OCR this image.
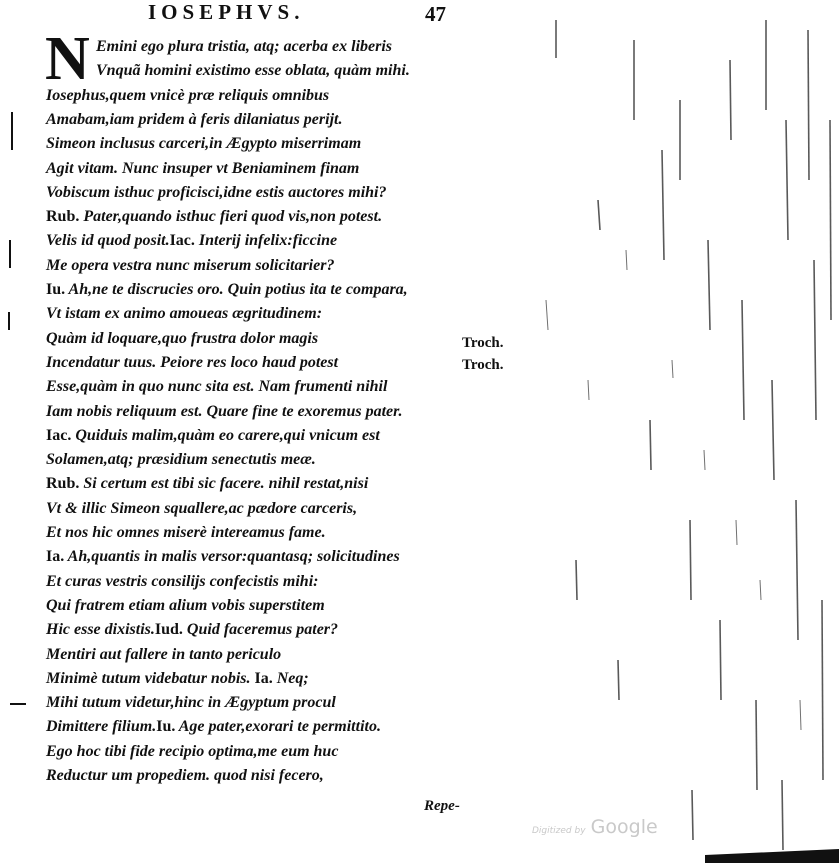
IOSEPHVS.	47
N Emini ego plura tristia, atq; acerba ex liberis
Vnquã homini existimo esse oblata, quàm mihi.
Iosephus,quem vnicè præ reliquis omnibus
Amabam,iam pridem à feris dilaniatus perijt.
Simeon inclusus carceri,in Ægypto miserrimam
Agit vitam. Nunc insuper vt Beniaminem finam
Vobiscum isthuc proficisci,idne estis auctores mihi?
Rub. Pater,quando isthuc fieri quod vis,non potest.
Velis id quod posit.Iac. Interij infelix:ficcine
Me opera vestra nunc miserum solicitarier?
Iu. Ah,ne te discrucies oro. Quin potius ita te compara,
Vt istam ex animo amoueas ægritudinem:
Quàm id loquare,quo frustra dolor magis
Incendatur tuus. Peiore res loco haud potest
Esse,quàm in quo nunc sita est. Nam frumenti nihil
Iam nobis reliquum est. Quare fine te exoremus pater.
Iac. Quiduis malim,quàm eo carere,qui vnicum est
Solamen,atq; præsidium senectutis meæ.
Rub. Si certum est tibi sic facere. nihil restat,nisi
Vt & illic Simeon squallere,ac pædore carceris,
Et nos hic omnes miserè intereamus fame.
Ia. Ah,quantis in malis versor:quantasq; solicitudines
Et curas vestris consilijs confecistis mihi:
Qui fratrem etiam alium vobis superstitem
Hic esse dixistis.Iud. Quid faceremus pater?
Mentiri aut fallere in tanto periculo
Minimè tutum videbatur nobis. Ia. Neq;
Mihi tutum videtur,hinc in Ægyptum procul
Dimittere filium.Iu. Age pater,exorari te permittito.
Ego hoc tibi fide recipio optima,me eum huc
Reductur um propediem. quod nisi fecero,
Troch.
Troch.
Repe-
Digitized by Google
